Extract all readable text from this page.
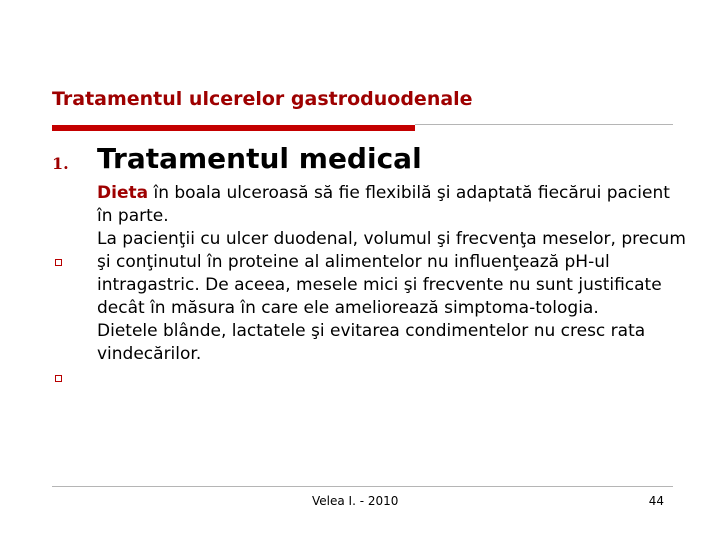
Tratamentul ulcerelor gastroduodenale
1. Tratamentul medical

Dieta în boala ulceroasă să fie flexibilă şi adaptată fiecărui pacient în parte.

La pacienţii cu ulcer duodenal, volumul şi frecvenţa meselor, precum şi conţinutul în proteine al alimentelor nu influenţează pH-ul intragastric. De aceea, mesele mici şi frecvente nu sunt justificate decât în măsura în care ele ameliorează simptoma-tologia.

Dietele blânde, lactatele şi evitarea condimentelor nu cresc rata vindecărilor.

Velea I. - 2010	44
